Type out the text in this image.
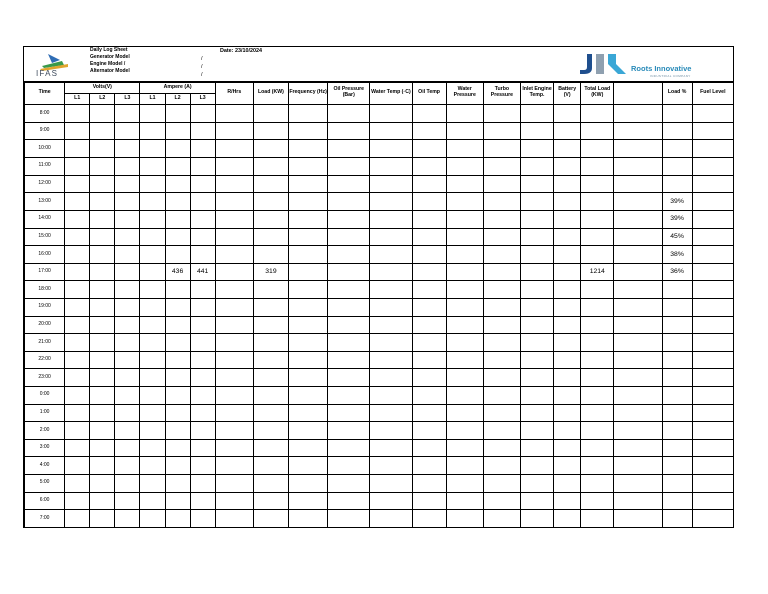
IFAS
Daily Log Sheet
Generator Model
Engine Model /
Alternator Model
/
/
/
Date: 23/10/2024
Roots Innovative
INDUSTRIAL COMPANY

Time	Volts(V)			Ampere (A)			R/Hrs	Load (KW)	Frequency (Hz)	Oil Pressure (Bar)	Water Temp (◦C)	Oil Temp	Water Pressure	Turbo Pressure	Inlet Engine Temp.	Battery (V)	Total Load (KW)		Load %	Fuel Level
	L1	L2	L3	L1	L2	L3														
8:00																				
9:00																				
10:00																				
11:00																				
12:00																				
13:00																			39%	
14:00																			39%	
15:00																			45%	
16:00																			38%	
17:00					436	441		319									1214		36%	
18:00																				
19:00																				
20:00																				
21:00																				
22:00																				
23:00																				
0:00																				
1:00																				
2:00																				
3:00																				
4:00																				
5:00																				
6:00																				
7:00																				
